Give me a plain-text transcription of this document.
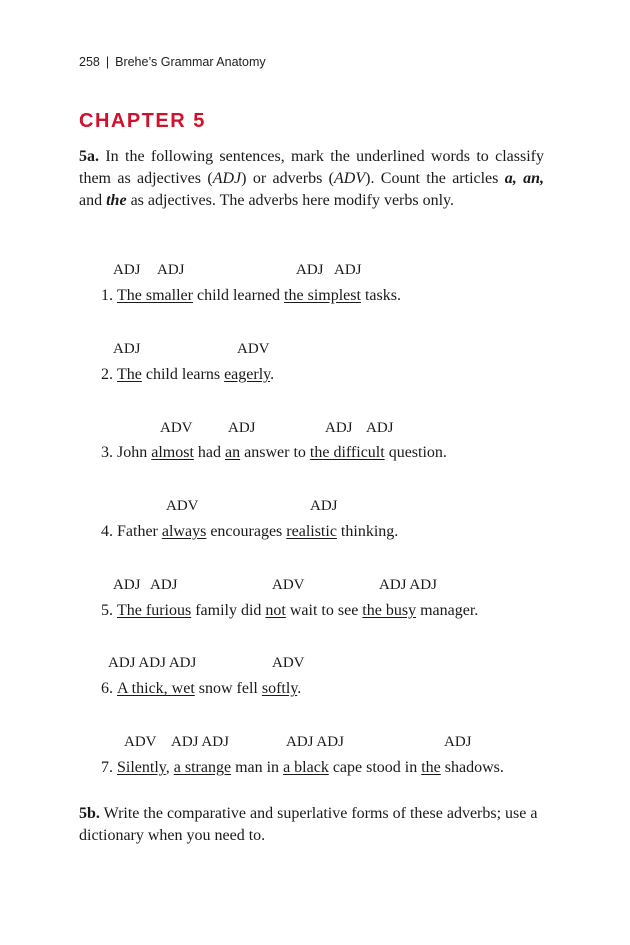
258 | Brehe’s Grammar Anatomy
CHAPTER 5
5a. In the following sentences, mark the underlined words to classify them as adjectives (ADJ) or adverbs (ADV). Count the articles a, an, and the as adjectives. The adverbs here modify verbs only.
ADJ ADJ	ADJ ADJ
1. The smaller child learned the simplest tasks.
ADJ	ADV
2. The child learns eagerly.
ADV ADJ	ADJ ADJ
3. John almost had an answer to the difficult question.
ADV	ADJ
4. Father always encourages realistic thinking.
ADJ ADJ	ADV	ADJ ADJ
5. The furious family did not wait to see the busy manager.
ADJ ADJ ADJ	ADV
6. A thick, wet snow fell softly.
ADV ADJ ADJ	ADJ ADJ	ADJ
7. Silently, a strange man in a black cape stood in the shadows.
5b. Write the comparative and superlative forms of these adverbs; use a dictionary when you need to.
